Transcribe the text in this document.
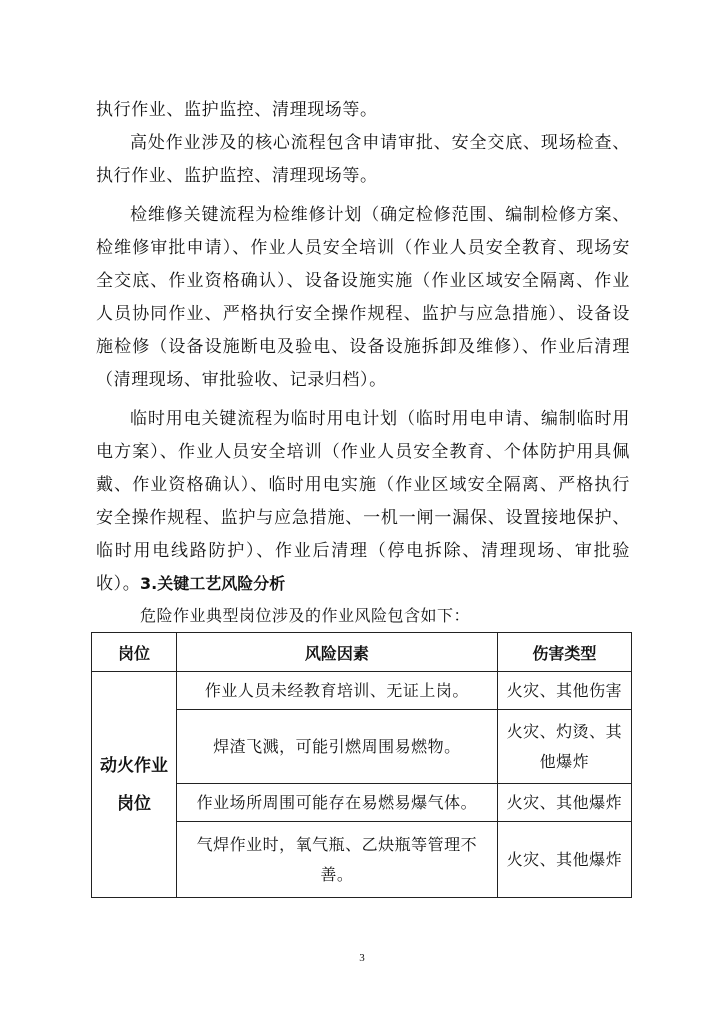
执行作业、监护监控、清理现场等。

高处作业涉及的核心流程包含申请审批、安全交底、现场检查、执行作业、监护监控、清理现场等。

检维修关键流程为检维修计划（确定检修范围、编制检修方案、检维修审批申请）、作业人员安全培训（作业人员安全教育、现场安全交底、作业资格确认）、设备设施实施（作业区域安全隔离、作业人员协同作业、严格执行安全操作规程、监护与应急措施）、设备设施检修（设备设施断电及验电、设备设施拆卸及维修）、作业后清理（清理现场、审批验收、记录归档）。

临时用电关键流程为临时用电计划（临时用电申请、编制临时用电方案）、作业人员安全培训（作业人员安全教育、个体防护用具佩戴、作业资格确认）、临时用电实施（作业区域安全隔离、严格执行安全操作规程、监护与应急措施、一机一闸一漏保、设置接地保护、临时用电线路防护）、作业后清理（停电拆除、清理现场、审批验收）。 3.关键工艺风险分析

危险作业典型岗位涉及的作业风险包含如下：

岗位	风险因素	伤害类型
动火作业岗位	作业人员未经教育培训、无证上岗。	火灾、其他伤害
	焊渣飞溅，可能引燃周围易燃物。	火灾、灼烫、其他爆炸
	作业场所周围可能存在易燃易爆气体。	火灾、其他爆炸
	气焊作业时，氧气瓶、乙炔瓶等管理不善。	火灾、其他爆炸
3
